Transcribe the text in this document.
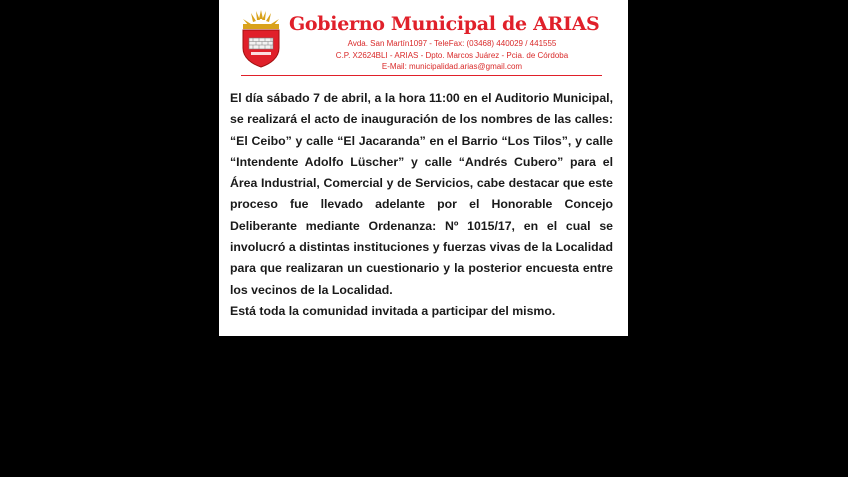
Gobierno Municipal de ARIAS
Avda. San Martín1097 - TeleFax: (03468) 440029 / 441555
C.P. X2624BLI - ARIAS - Dpto. Marcos Juárez - Pcia. de Córdoba
E-Mail: municipalidad.arias@gmail.com

El día sábado 7 de abril, a la hora 11:00 en el Auditorio Municipal, se realizará el acto de inauguración de los nombres de las calles: “El Ceibo” y calle “El Jacaranda” en el Barrio “Los Tilos”, y calle “Intendente Adolfo Lüscher” y calle “Andrés Cubero” para el Área Industrial, Comercial y de Servicios, cabe destacar que este proceso fue llevado adelante por el Honorable Concejo Deliberante mediante Ordenanza: Nº 1015/17, en el cual se involucró a distintas instituciones y fuerzas vivas de la Localidad para que realizaran un cuestionario y la posterior encuesta entre los vecinos de la Localidad.

Está toda la comunidad invitada a participar del mismo.
